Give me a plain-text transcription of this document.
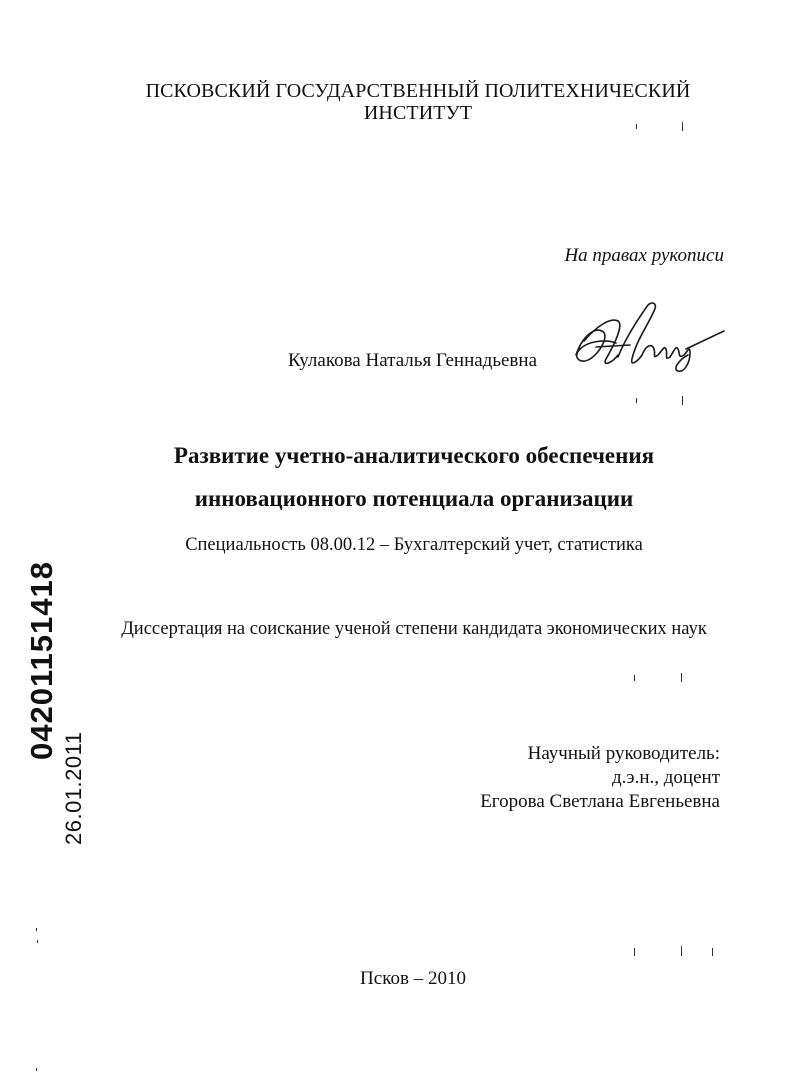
ПСКОВСКИЙ ГОСУДАРСТВЕННЫЙ ПОЛИТЕХНИЧЕСКИЙ
ИНСТИТУТ
На правах рукописи
Кулакова Наталья Геннадьевна
Развитие учетно-аналитического обеспечения
инновационного потенциала организации
Специальность 08.00.12 – Бухгалтерский учет, статистика
Диссертация на соискание ученой степени кандидата экономических наук
Научный руководитель:
д.э.н., доцент
Егорова Светлана Евгеньевна
Псков – 2010
04201151418
26.01.2011
